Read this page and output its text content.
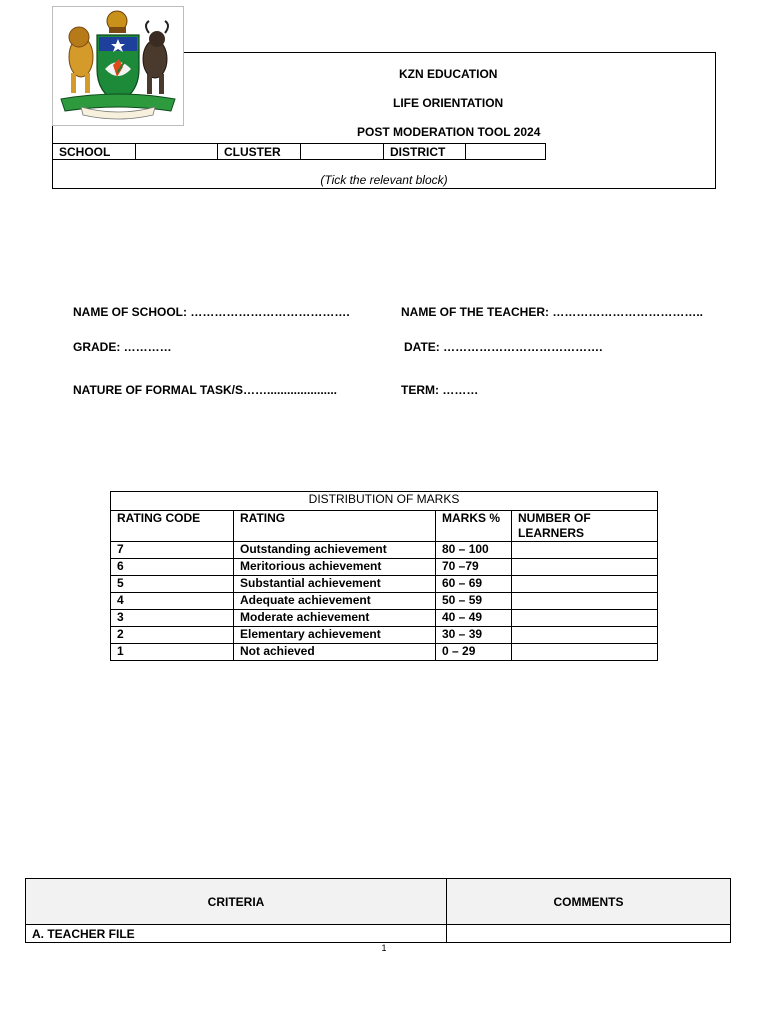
KZN EDUCATION
LIFE ORIENTATION
POST MODERATION TOOL 2024
SCHOOL		CLUSTER		DISTRICT	
(Tick the relevant block)
NAME OF SCHOOL: ………………………………….	NAME OF THE TEACHER: ………………………………..
GRADE: …………	DATE: ………………………………….
NATURE OF FORMAL TASK/S…….....................	TERM: ………
DISTRIBUTION OF MARKS			
RATING CODE	RATING	MARKS %	NUMBER OF LEARNERS
7	Outstanding achievement	80 – 100	
6	Meritorious achievement	70 –79	
5	Substantial achievement	60 – 69	
4	Adequate achievement	50 – 59	
3	Moderate achievement	40 – 49	
2	Elementary achievement	30 – 39	
1	Not achieved	0 – 29	
CRITERIA	COMMENTS
A. TEACHER FILE	
1
